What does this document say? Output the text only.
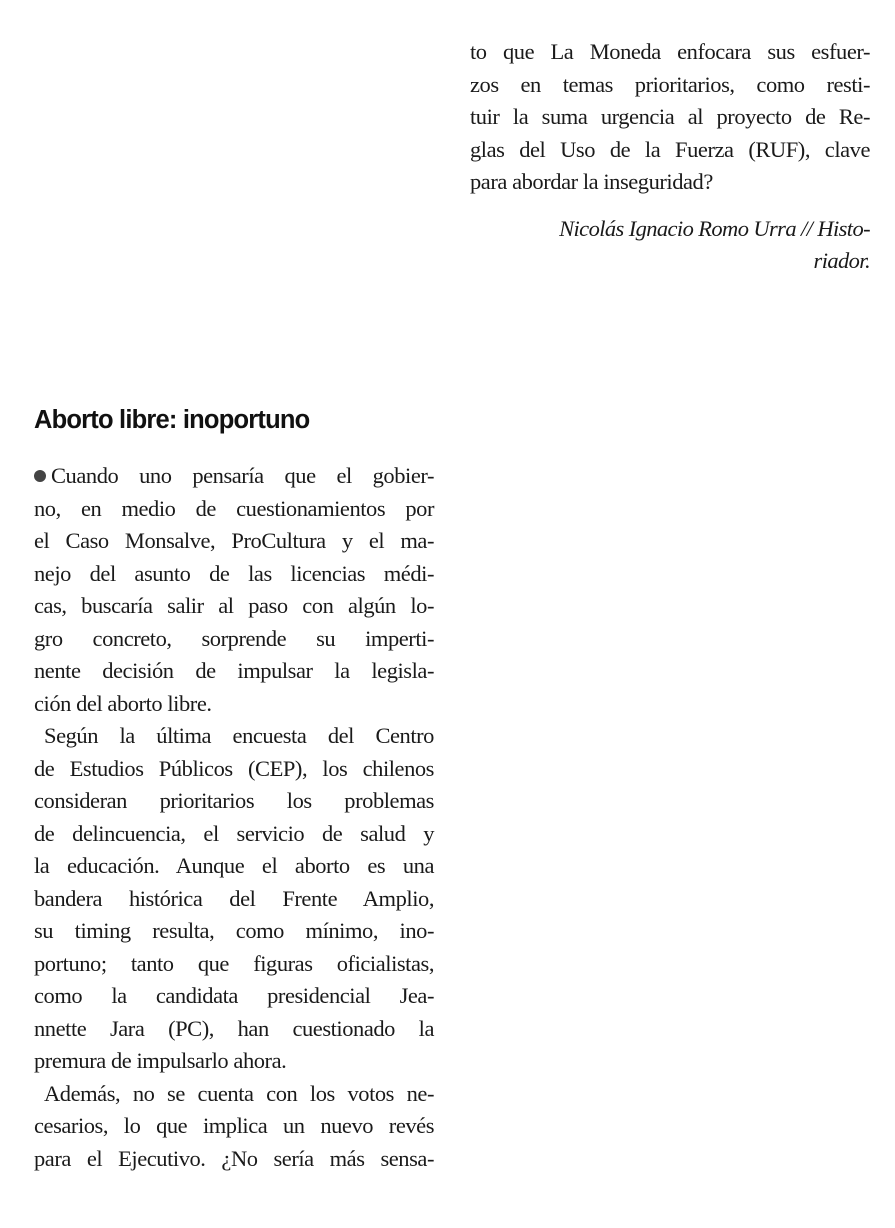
to que La Moneda enfocara sus esfuer-
zos en temas prioritarios, como resti-
tuir la suma urgencia al proyecto de Re-
glas del Uso de la Fuerza (RUF), clave
para abordar la inseguridad?
Nicolás Ignacio Romo Urra // Histo-
riador.
Aborto libre: inoportuno
Cuando uno pensaría que el gobier-
no, en medio de cuestionamientos por
el Caso Monsalve, ProCultura y el ma-
nejo del asunto de las licencias médi-
cas, buscaría salir al paso con algún lo-
gro concreto, sorprende su imperti-
nente decisión de impulsar la legisla-
ción del aborto libre.
Según la última encuesta del Centro
de Estudios Públicos (CEP), los chilenos
consideran prioritarios los problemas
de delincuencia, el servicio de salud y
la educación. Aunque el aborto es una
bandera histórica del Frente Amplio,
su timing resulta, como mínimo, ino-
portuno; tanto que figuras oficialistas,
como la candidata presidencial Jea-
nnette Jara (PC), han cuestionado la
premura de impulsarlo ahora.
Además, no se cuenta con los votos ne-
cesarios, lo que implica un nuevo revés
para el Ejecutivo. ¿No sería más sensa-
